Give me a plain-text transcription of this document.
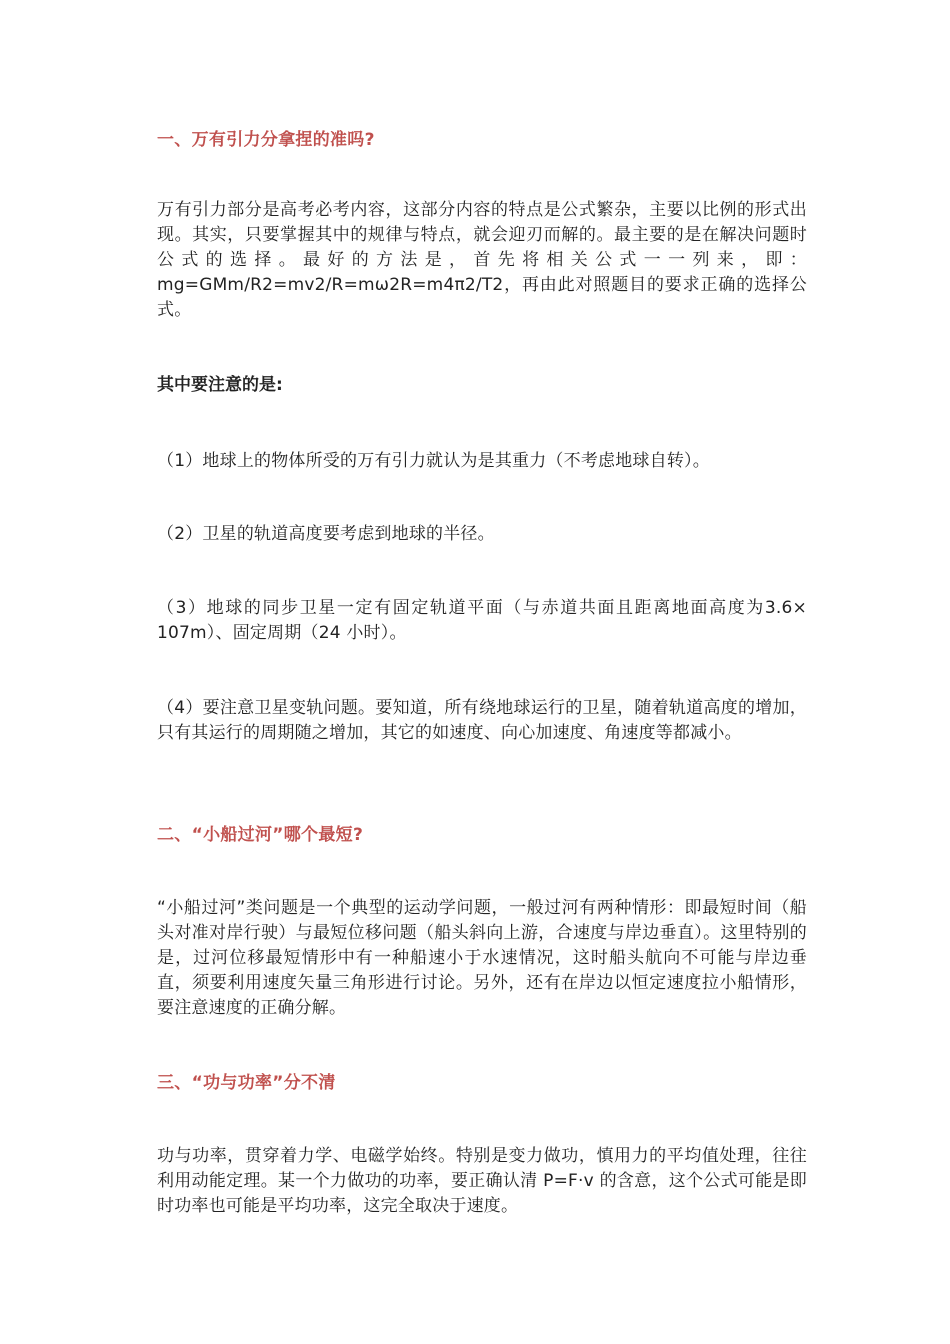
一、万有引力分拿捏的准吗?

万有引力部分是高考必考内容，这部分内容的特点是公式繁杂，主要以比例的形式出现。其实，只要掌握其中的规律与特点，就会迎刃而解的。最主要的是在解决问题时公式的选择。最好的方法是，首先将相关公式一一列来，即：mg=GMm/R2=mv2/R=mω2R=m4π2/T2，再由此对照题目的要求正确的选择公式。

其中要注意的是:

（1）地球上的物体所受的万有引力就认为是其重力（不考虑地球自转）。

（2）卫星的轨道高度要考虑到地球的半径。

（3）地球的同步卫星一定有固定轨道平面（与赤道共面且距离地面高度为3.6× 107m）、固定周期（24 小时）。

（4）要注意卫星变轨问题。要知道，所有绕地球运行的卫星，随着轨道高度的增加，只有其运行的周期随之增加，其它的如速度、向心加速度、角速度等都减小。

二、“小船过河”哪个最短?

“小船过河”类问题是一个典型的运动学问题，一般过河有两种情形：即最短时间（船头对准对岸行驶）与最短位移问题（船头斜向上游，合速度与岸边垂直）。这里特别的是，过河位移最短情形中有一种船速小于水速情况，这时船头航向不可能与岸边垂直，须要利用速度矢量三角形进行讨论。另外，还有在岸边以恒定速度拉小船情形，要注意速度的正确分解。

三、“功与功率”分不清

功与功率，贯穿着力学、电磁学始终。特别是变力做功，慎用力的平均值处理，往往利用动能定理。某一个力做功的功率，要正确认清 P=F·v 的含意，这个公式可能是即时功率也可能是平均功率，这完全取决于速度。
